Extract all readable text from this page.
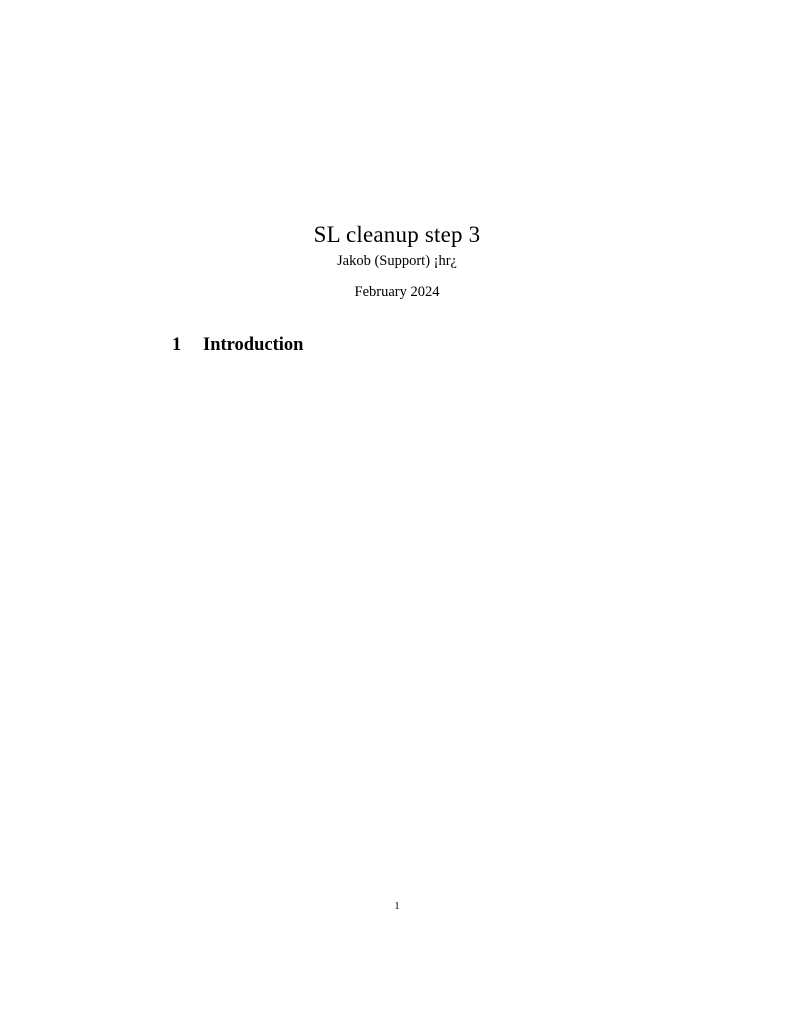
SL cleanup step 3
Jakob (Support) ¡hr¿
February 2024
1 Introduction
1
